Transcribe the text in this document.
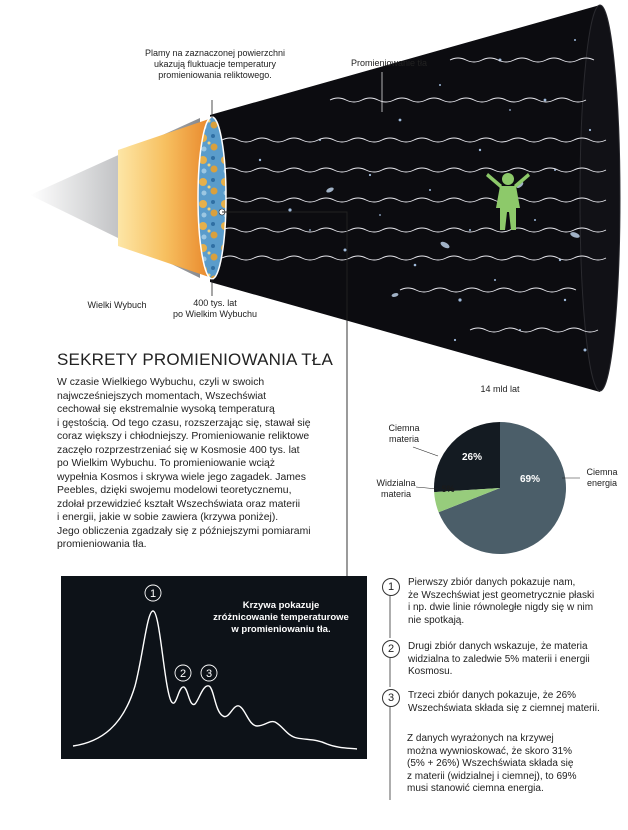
Plamy na zaznaczonej powierzchni ukazują fluktuacje temperatury promieniowania reliktowego.
Promieniowanie tła
Wielki Wybuch	400 tys. lat
po Wielkim Wybuchu
14 mld lat
SEKRETY PROMIENIOWANIA TŁA
W czasie Wielkiego Wybuchu, czyli w swoich
najwcześniejszych momentach, Wszechświat
cechował się ekstremalnie wysoką temperaturą
i gęstością. Od tego czasu, rozszerzając się, stawał się
coraz większy i chłodniejszy. Promieniowanie reliktowe
zaczęło rozprzestrzeniać się w Kosmosie 400 tys. lat
po Wielkim Wybuchu. To promieniowanie wciąż
wypełnia Kosmos i skrywa wiele jego zagadek. James
Peebles, dzięki swojemu modelowi teoretycznemu,
zdołał przewidzieć kształt Wszechświata oraz materii
i energii, jakie w sobie zawiera (krzywa poniżej).
Jego obliczenia zgadzały się z późniejszymi pomiarami
promieniowania tła.
69%
26%
5%
Ciemna
materia
Widzialna
materia
Ciemna
energia
1
2 3
Krzywa pokazuje
zróżnicowanie temperaturowe
w promieniowaniu tła.
1	Pierwszy zbiór danych pokazuje nam,
że Wszechświat jest geometrycznie płaski
i np. dwie linie równoległe nigdy się w nim
nie spotkają.
2	Drugi zbiór danych wskazuje, że materia
widzialna to zaledwie 5% materii i energii
Kosmosu.
3	Trzeci zbiór danych pokazuje, że 26%
Wszechświata składa się z ciemnej materii.
Z danych wyrażonych na krzywej
można wywnioskować, że skoro 31%
(5% + 26%) Wszechświata składa się
z materii (widzialnej i ciemnej), to 69%
musi stanowić ciemna energia.
